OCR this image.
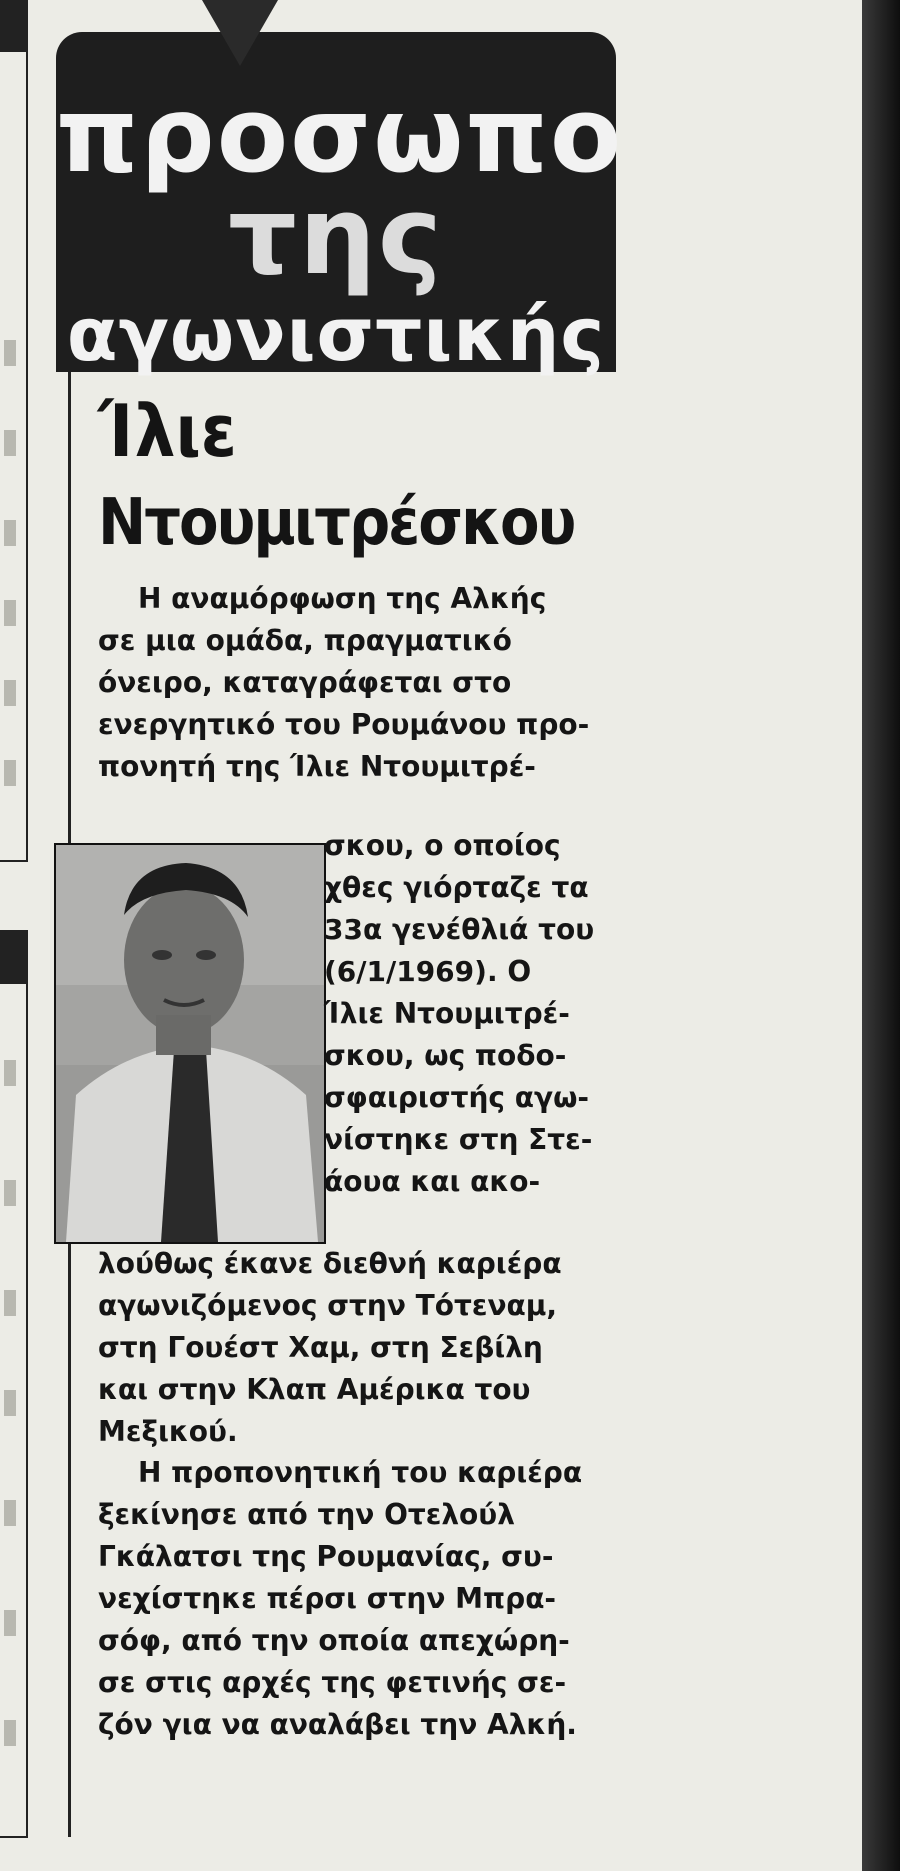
πρoσωπo
της
αγωνιστικής
Ίλιε
Ντουμιτρέσκου
Η αναμόρφωση της Αλκής
σε μια ομάδα, πραγματικό
όνειρο, καταγράφεται στο
ενεργητικό του Ρουμάνου προ-
πονητή της Ίλιε Ντουμιτρέ-
σκου, ο οποίος
χθες γιόρταζε τα
33α γενέθλιά του
(6/1/1969). Ο
Ίλιε Ντουμιτρέ-
σκου, ως ποδο-
σφαιριστής αγω-
νίστηκε στη Στε-
άουα και ακο-
λούθως έκανε διεθνή καριέρα
αγωνιζόμενος στην Τότεναμ,
στη Γουέστ Χαμ, στη Σεβίλη
και στην Κλαπ Αμέρικα του
Μεξικού.
Η προπονητική του καριέρα
ξεκίνησε από την Οτελούλ
Γκάλατσι της Ρουμανίας, συ-
νεχίστηκε πέρσι στην Μπρα-
σόφ, από την οποία απεχώρη-
σε στις αρχές της φετινής σε-
ζόν για να αναλάβει την Αλκή.
